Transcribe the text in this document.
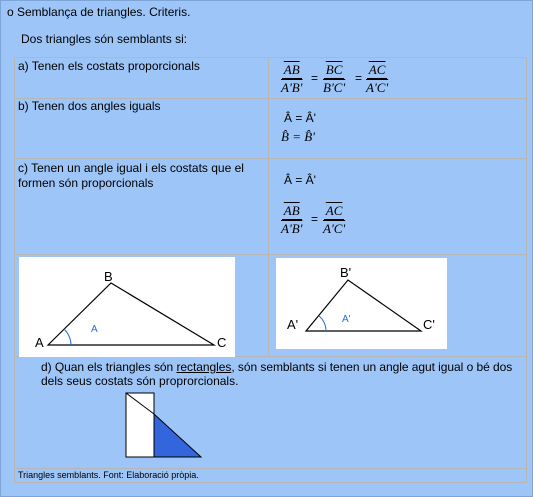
o Semblança de triangles. Criteris.
Dos triangles són semblants si:
a) Tenen els costats proporcionals
b) Tenen dos angles iguals
c) Tenen un angle igual i els costats que el
formen són proporcionals
$\frac{\overline{AB}}{A'B'} = \frac{\overline{BC}}{B'C'} = \frac{\overline{AC}}{A'C'}$
Â = Â'
B̂ = B̂'
Â = Â'
$\frac{\overline{AB}}{A'B'} = \frac{\overline{AC}}{A'C'}$
A
B
C
A	A'
B'
C'
A'
d) Quan els triangles són rectangles, són semblants si tenen un angle agut igual o bé dos
dels seus costats són proprorcionals.
Triangles semblants. Font: Elaboració pròpia.
